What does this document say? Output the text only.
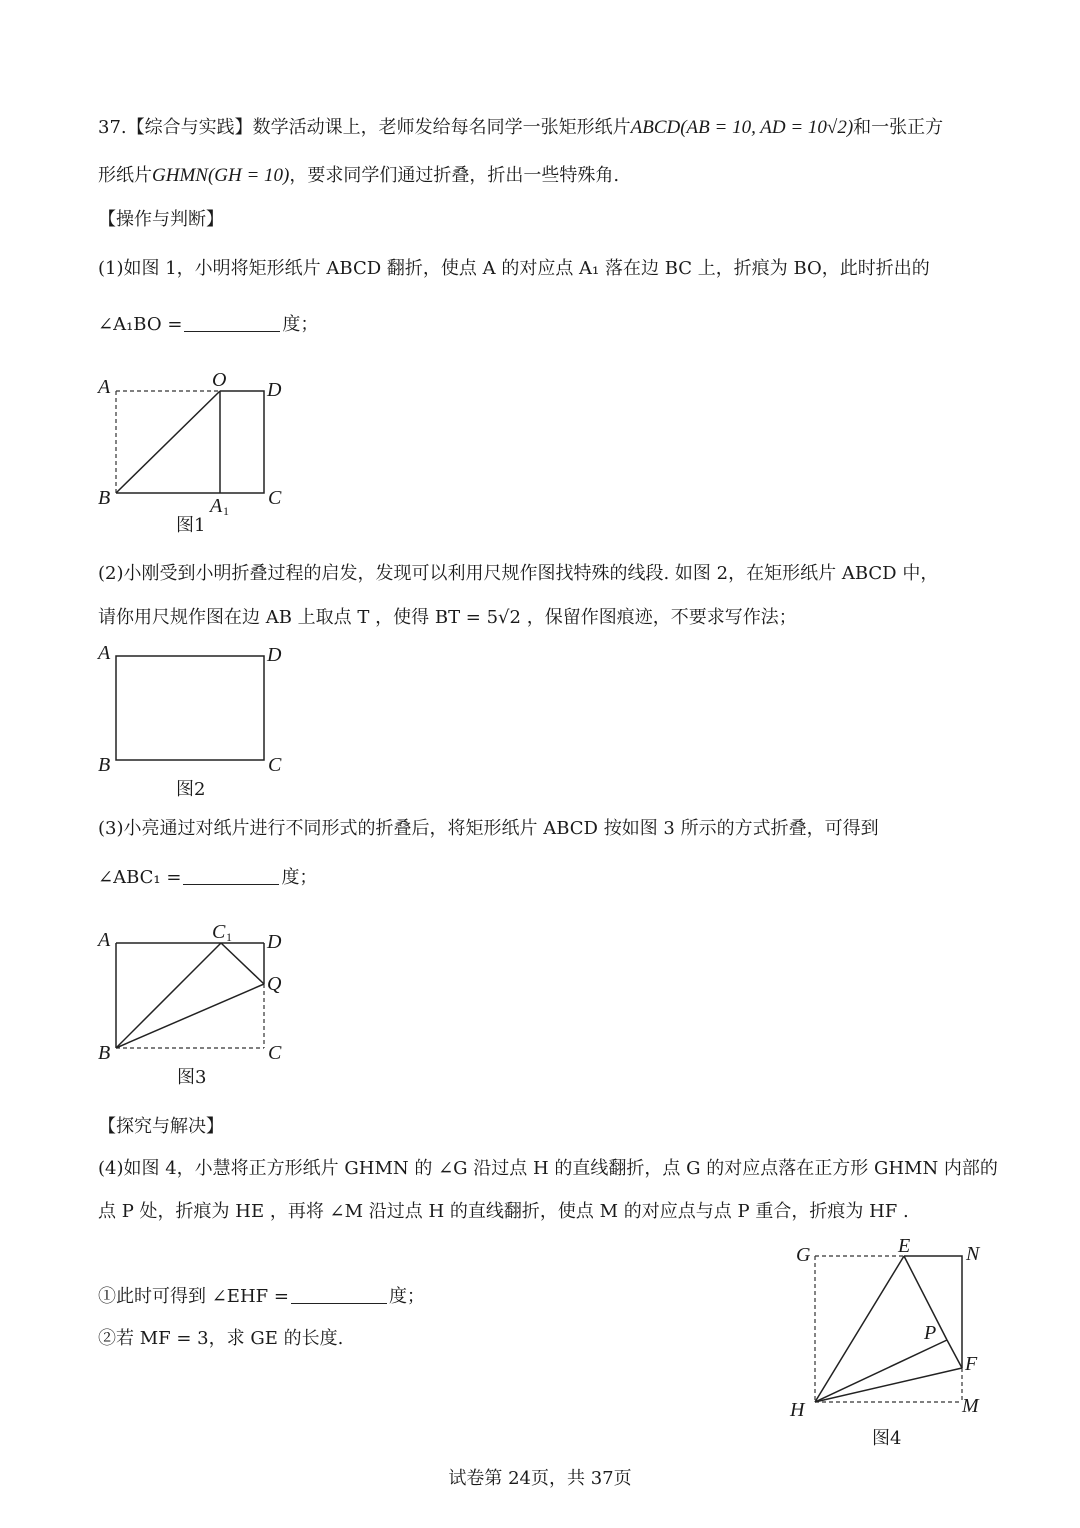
37.【综合与实践】数学活动课上，老师发给每名同学一张矩形纸片ABCD(AB = 10, AD = 10√2)和一张正方
形纸片GHMN(GH = 10)，要求同学们通过折叠，折出一些特殊角.
【操作与判断】
(1)如图 1，小明将矩形纸片 ABCD 翻折，使点 A 的对应点 A₁ 落在边 BC 上，折痕为 BO，此时折出的
∠A₁BO =	度；
A	O D
B	A 1
C
图1
(2)小刚受到小明折叠过程的启发，发现可以利用尺规作图找特殊的线段. 如图 2，在矩形纸片 ABCD 中，
请你用尺规作图在边 AB 上取点 T ，使得 BT = 5√2 ，保留作图痕迹，不要求写作法；
A	D
B	C
图2
(3)小亮通过对纸片进行不同形式的折叠后，将矩形纸片 ABCD 按如图 3 所示的方式折叠，可得到
∠ABC₁ =	度；
A	C 1 D
Q
B	C
图3
【探究与解决】
(4)如图 4，小慧将正方形纸片 GHMN 的 ∠G 沿过点 H 的直线翻折，点 G 的对应点落在正方形 GHMN 内部的
点 P 处，折痕为 HE ，再将 ∠M 沿过点 H 的直线翻折，使点 M 的对应点与点 P 重合，折痕为 HF .
①此时可得到 ∠EHF =	度；
②若 MF = 3，求 GE 的长度.
G	E	N
P
F
H	M
图4
试卷第 24页，共 37页
